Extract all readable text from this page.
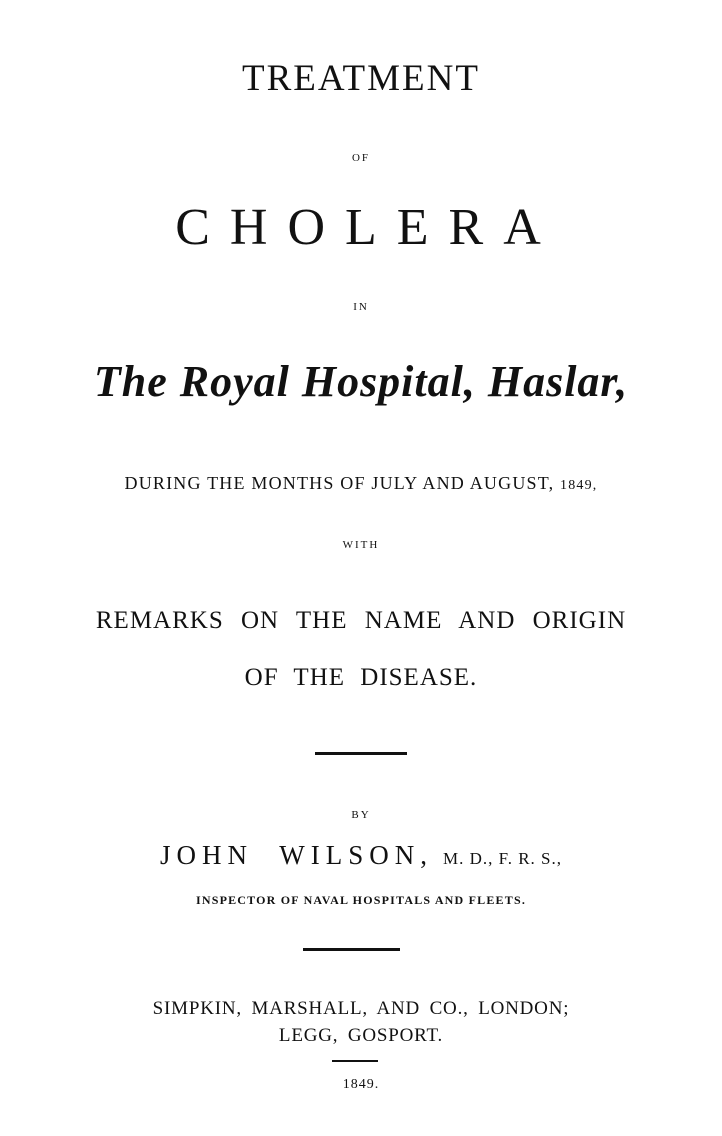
TREATMENT
OF
CHOLERA
IN
The Royal Hospital, Haslar,
DURING THE MONTHS OF JULY AND AUGUST, 1849,
WITH
REMARKS ON THE NAME AND ORIGIN
OF THE DISEASE.
BY
JOHN WILSON, M. D., F. R. S.,
INSPECTOR OF NAVAL HOSPITALS AND FLEETS.
SIMPKIN, MARSHALL, AND CO., LONDON;
LEGG, GOSPORT.
1849.
